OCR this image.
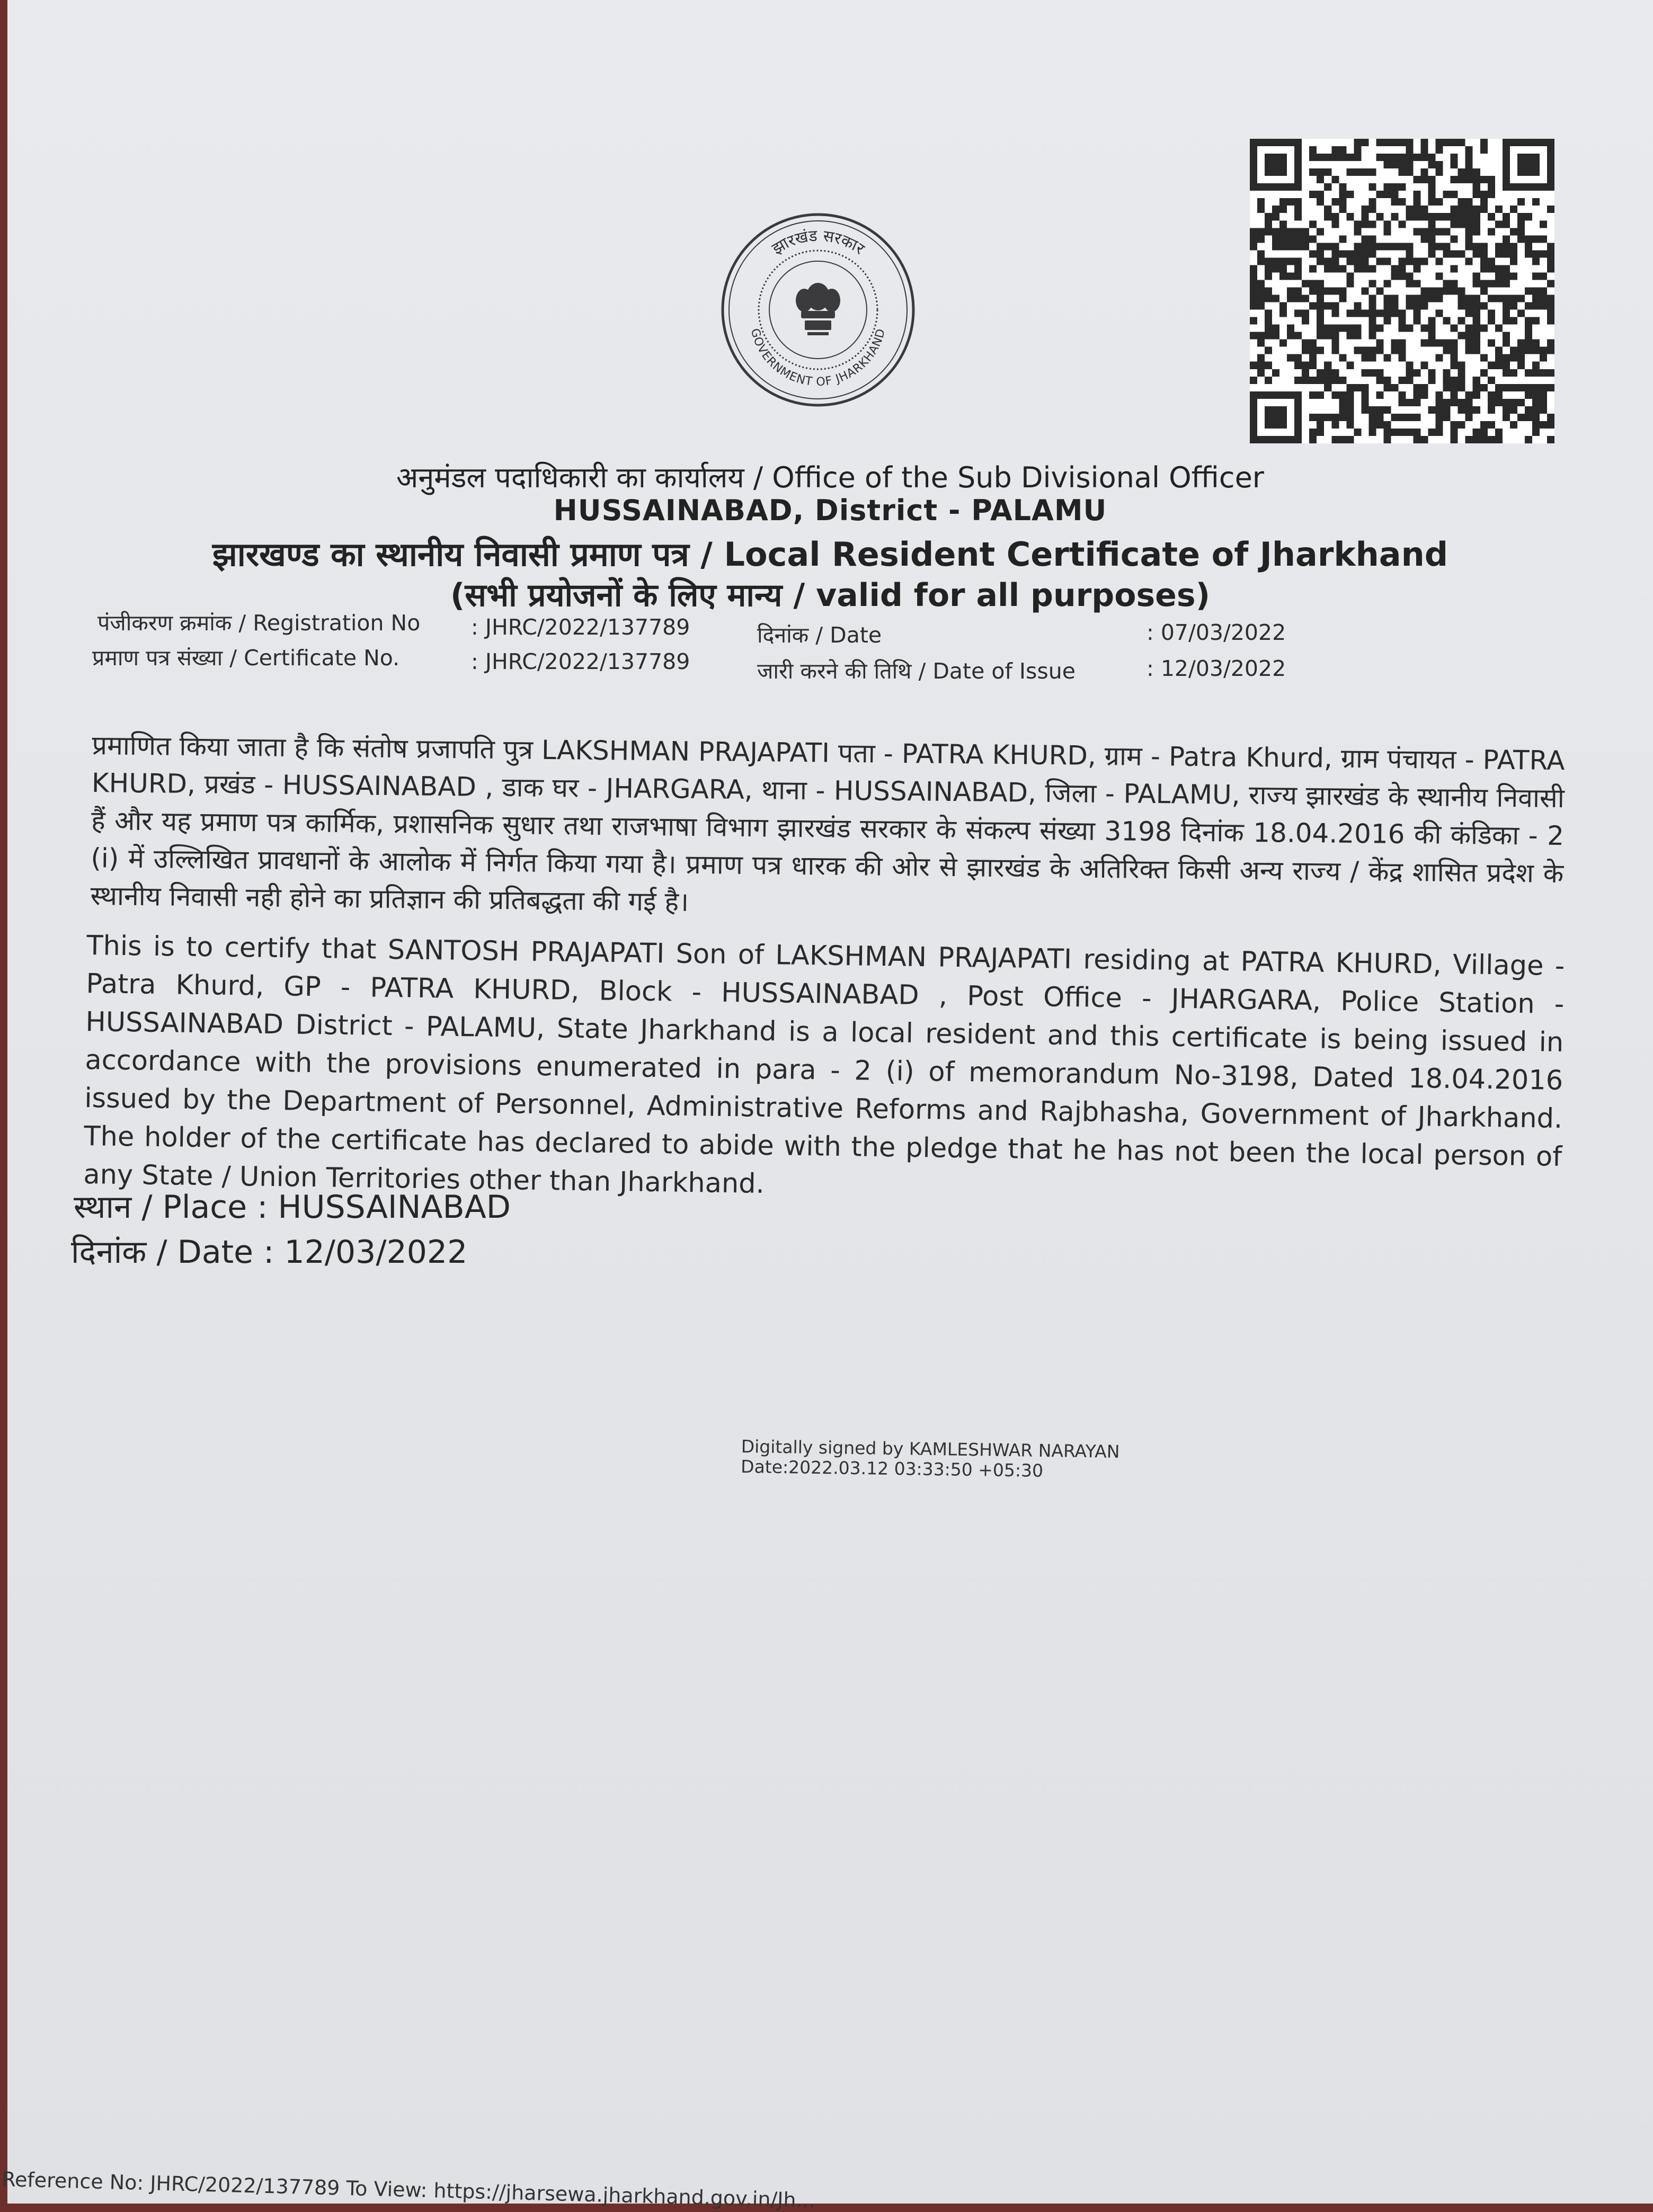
झारखंड सरकार
GOVERNMENT OF JHARKHAND
अनुमंडल पदाधिकारी का कार्यालय / Office of the Sub Divisional Officer
HUSSAINABAD, District - PALAMU
झारखण्ड का स्थानीय निवासी प्रमाण पत्र / Local Resident Certificate of Jharkhand
(सभी प्रयोजनों के लिए मान्य / valid for all purposes)
पंजीकरण क्रमांक / Registration No : JHRC/2022/137789	दिनांक / Date	: 07/03/2022
प्रमाण पत्र संख्या / Certificate No.	: JHRC/2022/137789	जारी करने की तिथि / Date of Issue	: 12/03/2022
प्रमाणित किया जाता है कि संतोष प्रजापति पुत्र LAKSHMAN PRAJAPATI पता - PATRA KHURD, ग्राम - Patra Khurd, ग्राम पंचायत - PATRA KHURD, प्रखंड - HUSSAINABAD , डाक घर - JHARGARA, थाना - HUSSAINABAD, जिला - PALAMU, राज्य झारखंड के स्थानीय निवासी हैं और यह प्रमाण पत्र कार्मिक, प्रशासनिक सुधार तथा राजभाषा विभाग झारखंड सरकार के संकल्प संख्या 3198 दिनांक 18.04.2016 की कंडिका - 2 (i) में उल्लिखित प्रावधानों के आलोक में निर्गत किया गया है। प्रमाण पत्र धारक की ओर से झारखंड के अतिरिक्त किसी अन्य राज्य / केंद्र शासित प्रदेश के स्थानीय निवासी नही होने का प्रतिज्ञान की प्रतिबद्धता की गई है।
This is to certify that SANTOSH PRAJAPATI Son of LAKSHMAN PRAJAPATI residing at PATRA KHURD, Village - Patra Khurd, GP - PATRA KHURD, Block - HUSSAINABAD , Post Office - JHARGARA, Police Station - HUSSAINABAD District - PALAMU, State Jharkhand is a local resident and this certificate is being issued in accordance with the provisions enumerated in para - 2 (i) of memorandum No-3198, Dated 18.04.2016 issued by the Department of Personnel, Administrative Reforms and Rajbhasha, Government of Jharkhand. The holder of the certificate has declared to abide with the pledge that he has not been the local person of any State / Union Territories other than Jharkhand.
स्थान / Place : HUSSAINABAD
दिनांक / Date : 12/03/2022
Digitally signed by KAMLESHWAR NARAYAN
Date:2022.03.12 03:33:50 +05:30
Reference No: JHRC/2022/137789 To View: https://jharsewa.jharkhand.gov.in/Jh...
